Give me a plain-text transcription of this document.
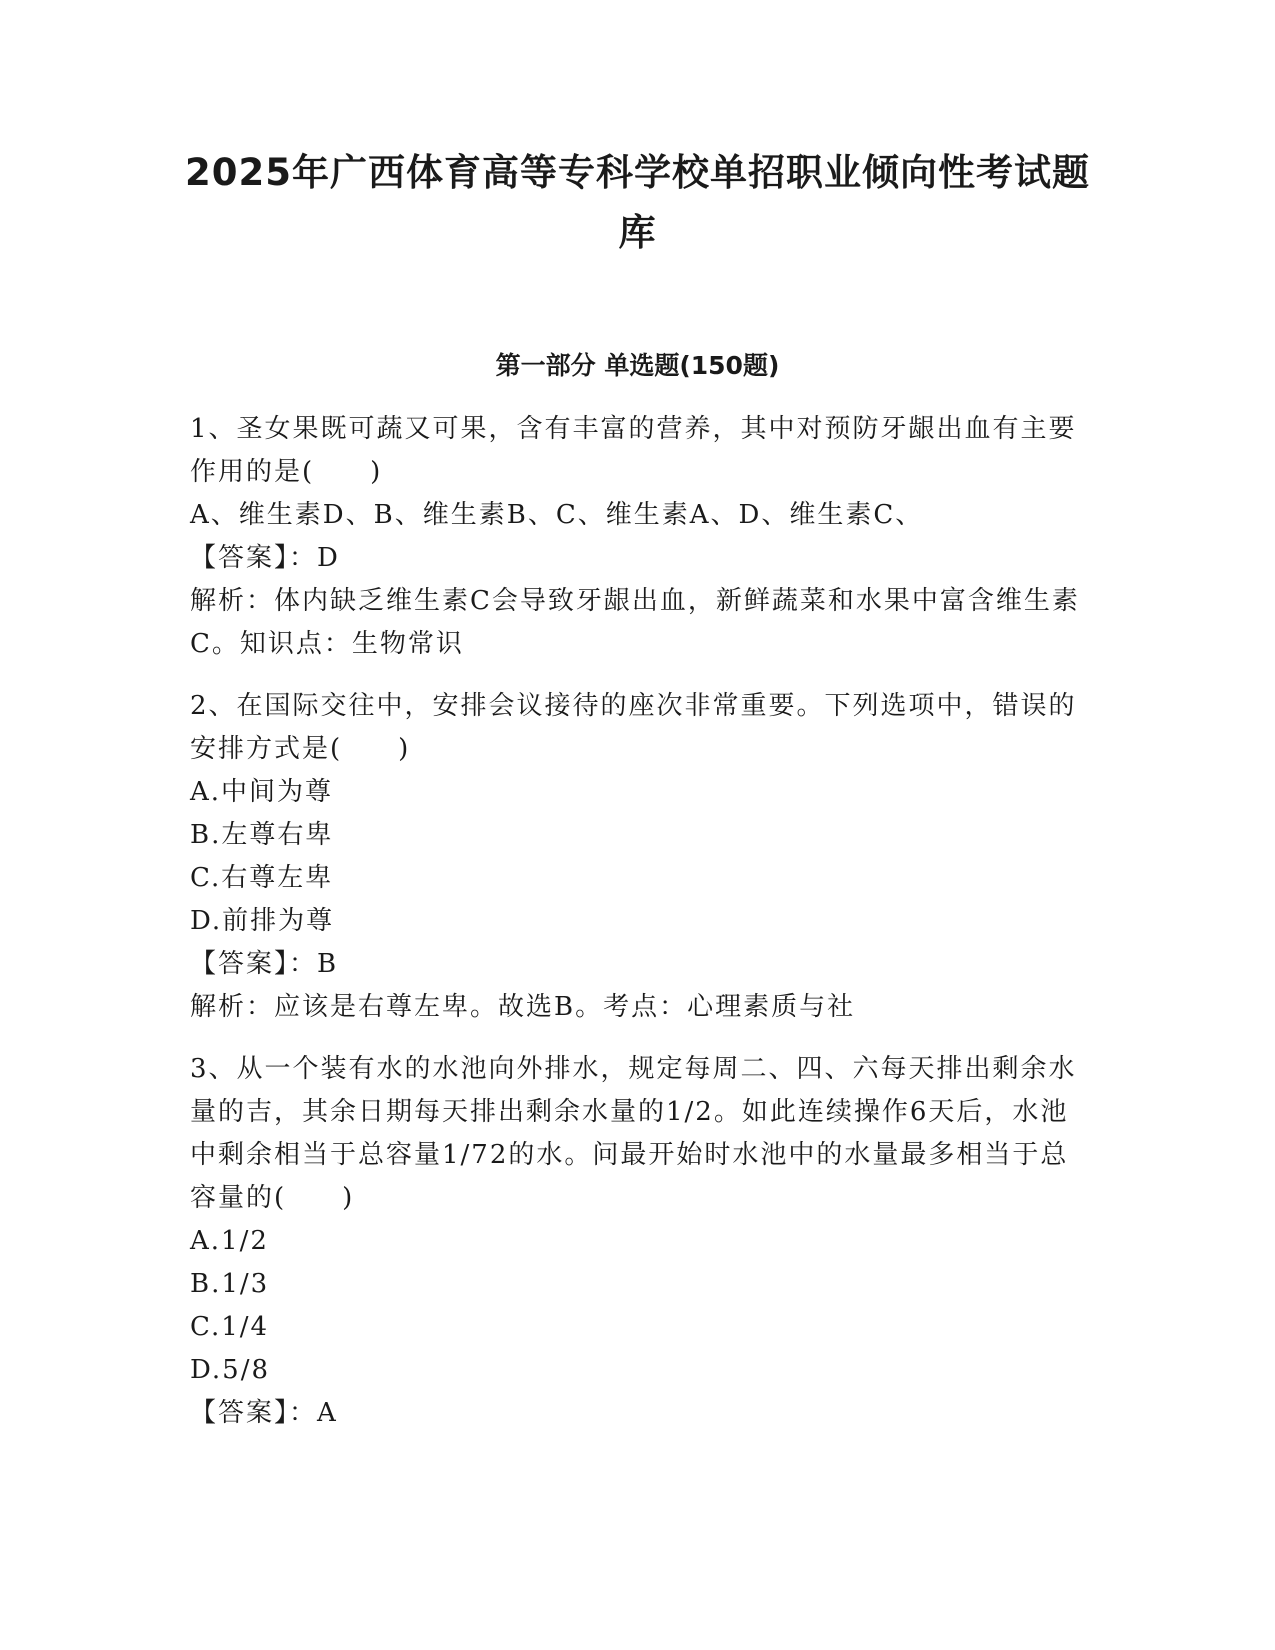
2025年广西体育高等专科学校单招职业倾向性考试题库
第一部分 单选题(150题)

1、圣女果既可蔬又可果，含有丰富的营养，其中对预防牙龈出血有主要作用的是(　　)

A、维生素D、B、维生素B、C、维生素A、D、维生素C、

【答案】：D

解析：体内缺乏维生素C会导致牙龈出血，新鲜蔬菜和水果中富含维生素C。知识点：生物常识

2、在国际交往中，安排会议接待的座次非常重要。下列选项中，错误的安排方式是(　　)

A.中间为尊

B.左尊右卑

C.右尊左卑

D.前排为尊

【答案】：B

解析：应该是右尊左卑。故选B。考点：心理素质与社

3、从一个装有水的水池向外排水，规定每周二、四、六每天排出剩余水量的吉，其余日期每天排出剩余水量的1/2。如此连续操作6天后，水池中剩余相当于总容量1/72的水。问最开始时水池中的水量最多相当于总容量的(　　)

A.1/2

B.1/3

C.1/4

D.5/8

【答案】：A
